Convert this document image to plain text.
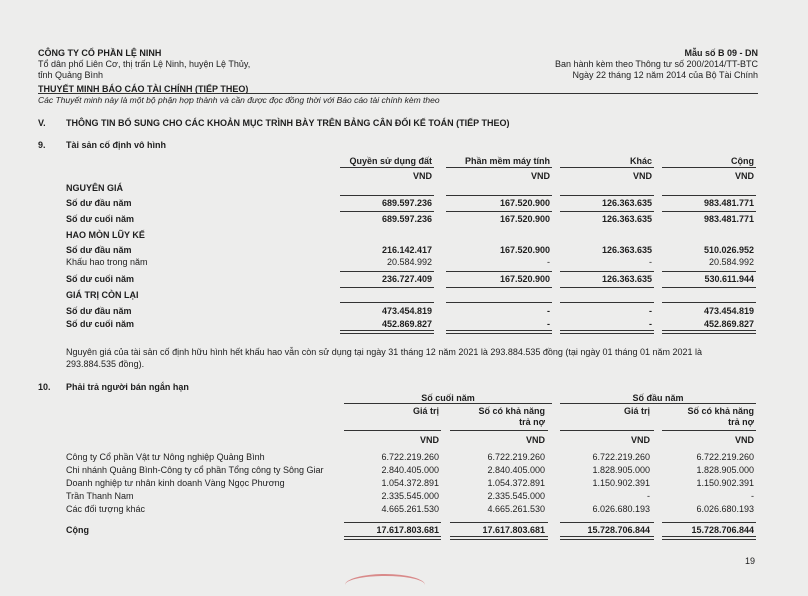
CÔNG TY CỔ PHẦN LỆ NINH
Tổ dân phố Liên Cơ, thị trấn Lệ Ninh, huyện Lệ Thủy,
tỉnh Quảng Bình
Mẫu số B 09 - DN
Ban hành kèm theo Thông tư số 200/2014/TT-BTC
Ngày 22 tháng 12 năm 2014 của Bộ Tài Chính
THUYẾT MINH BÁO CÁO TÀI CHÍNH (TIẾP THEO)
Các Thuyết minh này là một bộ phận hợp thành và cần được đọc đồng thời với Báo cáo tài chính kèm theo
V. THÔNG TIN BỔ SUNG CHO CÁC KHOẢN MỤC TRÌNH BÀY TRÊN BẢNG CÂN ĐỐI KẾ TOÁN (TIẾP THEO)
9. Tài sản cố định vô hình
Quyền sử dụng đất	Phần mềm máy tính	Khác	Cộng
VND	VND	VND	VND
NGUYÊN GIÁ
Số dư đầu năm	689.597.236	167.520.900	126.363.635	983.481.771
Số dư cuối năm	689.597.236	167.520.900	126.363.635	983.481.771
HAO MÒN LŨY KẾ
Số dư đầu năm	216.142.417	167.520.900	126.363.635	510.026.952
Khấu hao trong năm	20.584.992	-	-	20.584.992
Số dư cuối năm	236.727.409	167.520.900	126.363.635	530.611.944
GIÁ TRỊ CÒN LẠI
Số dư đầu năm	473.454.819	-	-	473.454.819
Số dư cuối năm	452.869.827	-	-	452.869.827
Nguyên giá của tài sản cố định hữu hình hết khấu hao vẫn còn sử dụng tại ngày 31 tháng 12 năm 2021 là 293.884.535 đồng (tại ngày 01 tháng 01 năm 2021 là
293.884.535 đồng).
10. Phải trả người bán ngắn hạn
Số cuối năm	Số đầu năm
Giá trị	Số có khả năng
trả nợ
Giá trị	Số có khả năng
trả nợ
VND	VND	VND	VND
Công ty Cổ phần Vật tư Nông nghiệp Quảng Bình	6.722.219.260	6.722.219.260	6.722.219.260	6.722.219.260
Chi nhánh Quảng Bình-Công ty cổ phần Tổng công ty Sông Giar	2.840.405.000	2.840.405.000	1.828.905.000	1.828.905.000
Doanh nghiệp tư nhân kinh doanh Vàng Ngọc Phương	1.054.372.891	1.054.372.891	1.150.902.391	1.150.902.391
Trần Thanh Nam	2.335.545.000	2.335.545.000	-	-
Các đối tượng khác	4.665.261.530	4.665.261.530	6.026.680.193	6.026.680.193
Cộng	17.617.803.681	17.617.803.681	15.728.706.844	15.728.706.844
19
